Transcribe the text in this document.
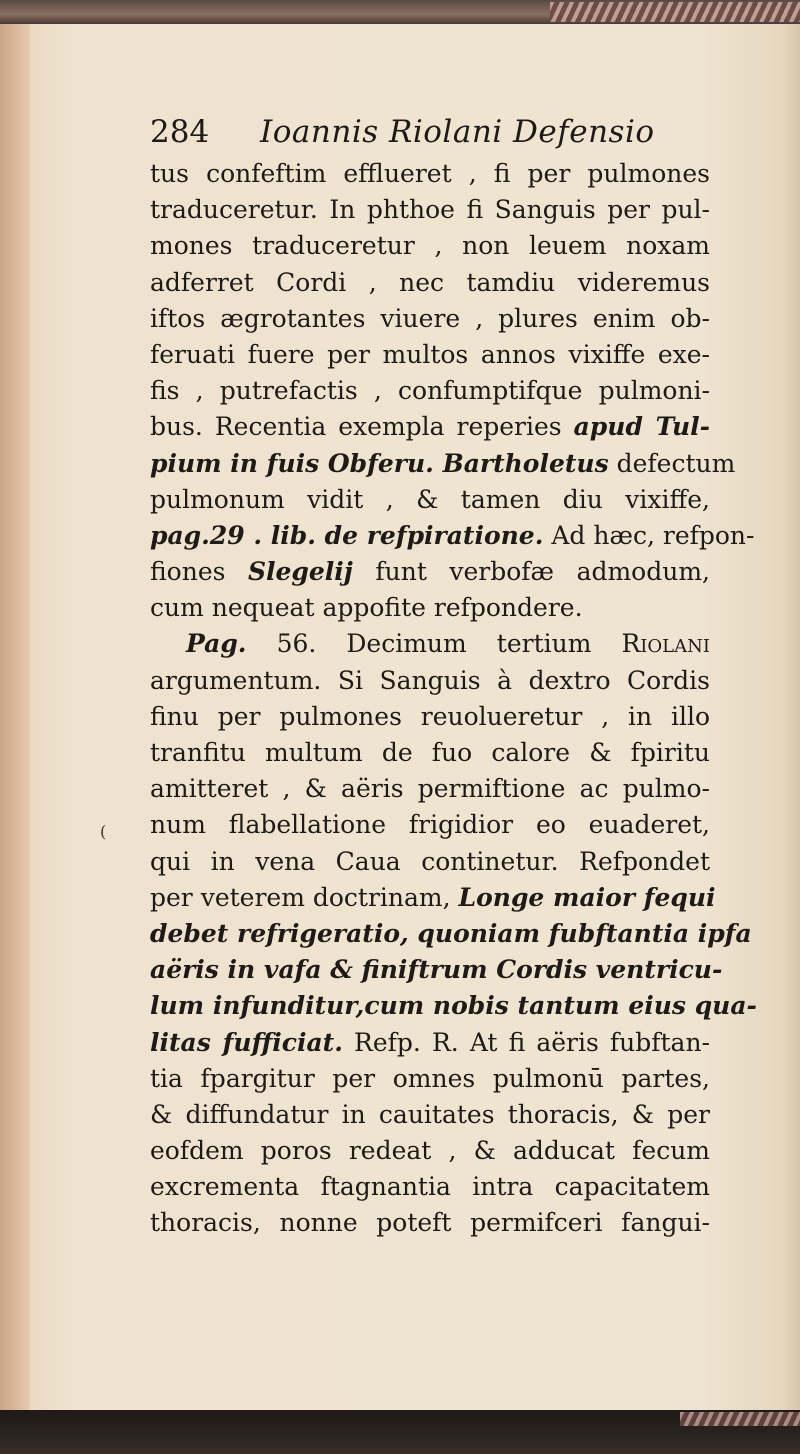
(
284	Ioannis Riolani Defensio
tus confeftim efflueret , fi per pulmones
traduceretur. In phthoe fi Sanguis per pul-
mones traduceretur , non leuem noxam
adferret Cordi , nec tamdiu videremus
iftos ægrotantes viuere , plures enim ob-
feruati fuere per multos annos vixiffe exe-
fis , putrefactis , confumptifque pulmoni-
bus. Recentia exempla reperies apud Tul-
pium in fuis Obferu. Bartholetus defectum
pulmonum vidit , & tamen diu vixiffe,
pag.29 . lib. de refpiratione. Ad hæc, refpon-
fiones Slegelij funt verbofæ admodum,
cum nequeat appofite refpondere.
Pag. 56. Decimum tertium Riolani
argumentum. Si Sanguis à dextro Cordis
finu per pulmones reuolueretur , in illo
tranfitu multum de fuo calore & fpiritu
amitteret , & aëris permiftione ac pulmo-
num flabellatione frigidior eo euaderet,
qui in vena Caua continetur. Refpondet
per veterem doctrinam, Longe maior fequi
debet refrigeratio, quoniam fubftantia ipfa
aëris in vafa & finiftrum Cordis ventricu-
lum infunditur,cum nobis tantum eius qua-
litas fufficiat. Refp. R. At fi aëris fubftan-
tia fpargitur per omnes pulmonū partes,
& diffundatur in cauitates thoracis, & per
eofdem poros redeat , & adducat fecum
excrementa ftagnantia intra capacitatem
thoracis, nonne poteft permifceri fangui-
